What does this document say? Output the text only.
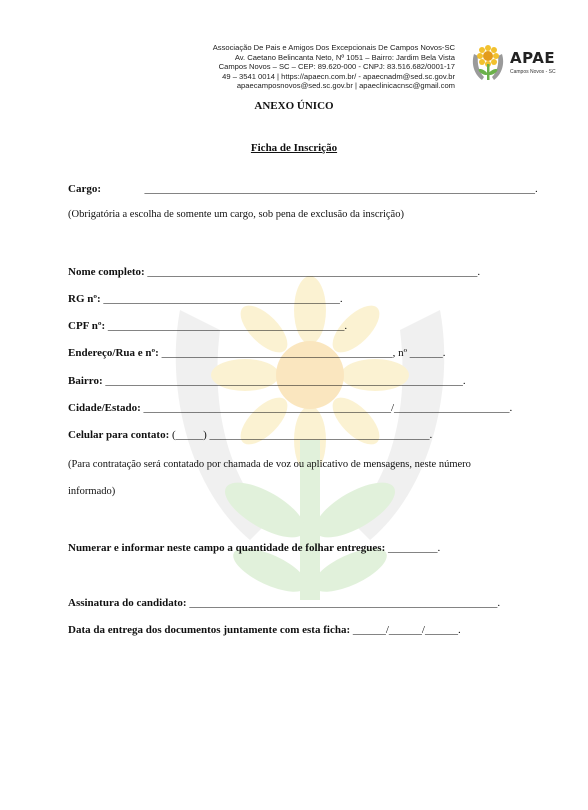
Associação De Pais e Amigos Dos Excepcionais De Campos Novos-SC
Av. Caetano Belincanta Neto, Nº 1051 – Bairro: Jardim Bela Vista
Campos Novos – SC – CEP: 89.620-000 - CNPJ: 83.516.682/0001-17
49 – 3541 0014 | https://apaecn.com.br/ - apaecnadm@sed.sc.gov.br
apaecamposnovos@sed.sc.gov.br | apaeclinicacnsc@gmail.com
APAE
Campos Novos - SC
ANEXO ÚNICO
Ficha de Inscrição
Cargo:	_______________________________________________________________________.
(Obrigatória a escolha de somente um cargo, sob pena de exclusão da inscrição)
Nome completo: ____________________________________________________________.
RG nº: ___________________________________________.
CPF nº: ___________________________________________.
Endereço/Rua e nº: __________________________________________, nº ______.
Bairro: _________________________________________________________________.
Cidade/Estado: _____________________________________________/_____________________.
Celular para contato: (_____) ________________________________________.
(Para contratação será contatado por chamada de voz ou aplicativo de mensagens, neste número
informado)
Numerar e informar neste campo a quantidade de folhar entregues: _________.
Assinatura do candidato: ________________________________________________________.
Data da entrega dos documentos juntamente com esta ficha: ______/______/______.
